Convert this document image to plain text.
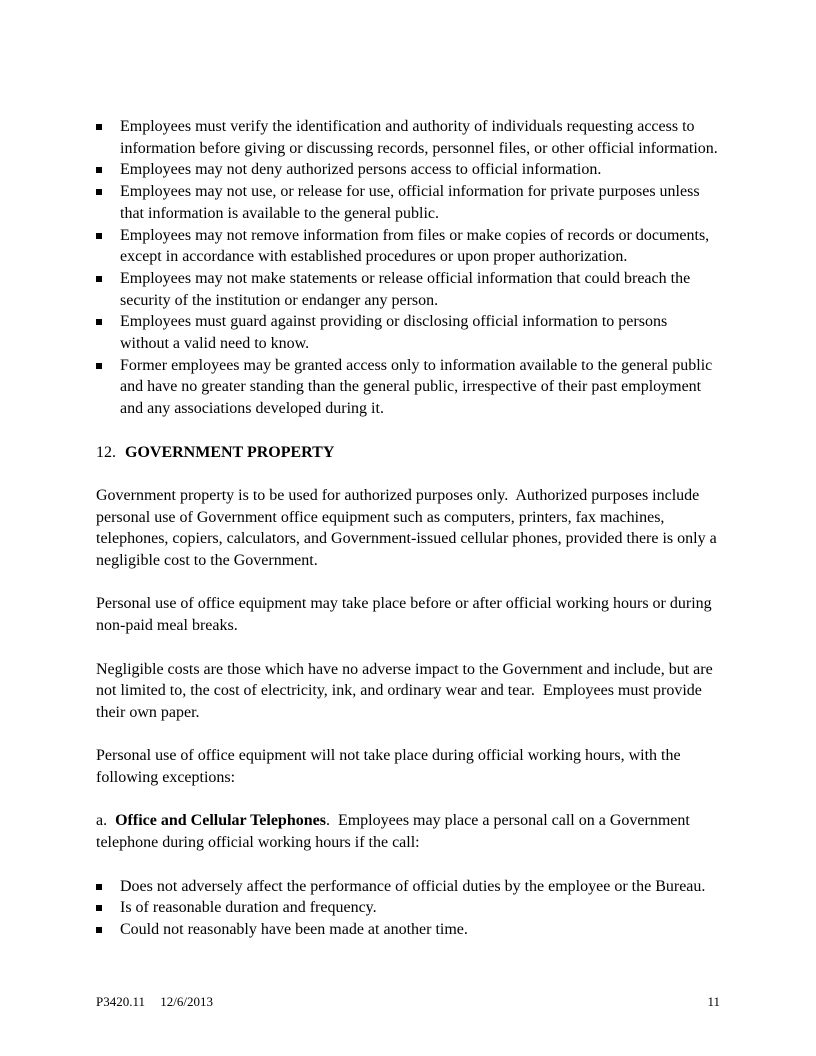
Employees must verify the identification and authority of individuals requesting access to information before giving or discussing records, personnel files, or other official information.
Employees may not deny authorized persons access to official information.
Employees may not use, or release for use, official information for private purposes unless that information is available to the general public.
Employees may not remove information from files or make copies of records or documents, except in accordance with established procedures or upon proper authorization.
Employees may not make statements or release official information that could breach the security of the institution or endanger any person.
Employees must guard against providing or disclosing official information to persons without a valid need to know.
Former employees may be granted access only to information available to the general public and have no greater standing than the general public, irrespective of their past employment and any associations developed during it.
12. GOVERNMENT PROPERTY

Government property is to be used for authorized purposes only.  Authorized purposes include personal use of Government office equipment such as computers, printers, fax machines, telephones, copiers, calculators, and Government-issued cellular phones, provided there is only a negligible cost to the Government.

Personal use of office equipment may take place before or after official working hours or during non-paid meal breaks.

Negligible costs are those which have no adverse impact to the Government and include, but are not limited to, the cost of electricity, ink, and ordinary wear and tear.  Employees must provide their own paper.

Personal use of office equipment will not take place during official working hours, with the following exceptions:

a.  Office and Cellular Telephones.  Employees may place a personal call on a Government telephone during official working hours if the call:

Does not adversely affect the performance of official duties by the employee or the Bureau.
Is of reasonable duration and frequency.
Could not reasonably have been made at another time.
P3420.11 12/6/2013	11
